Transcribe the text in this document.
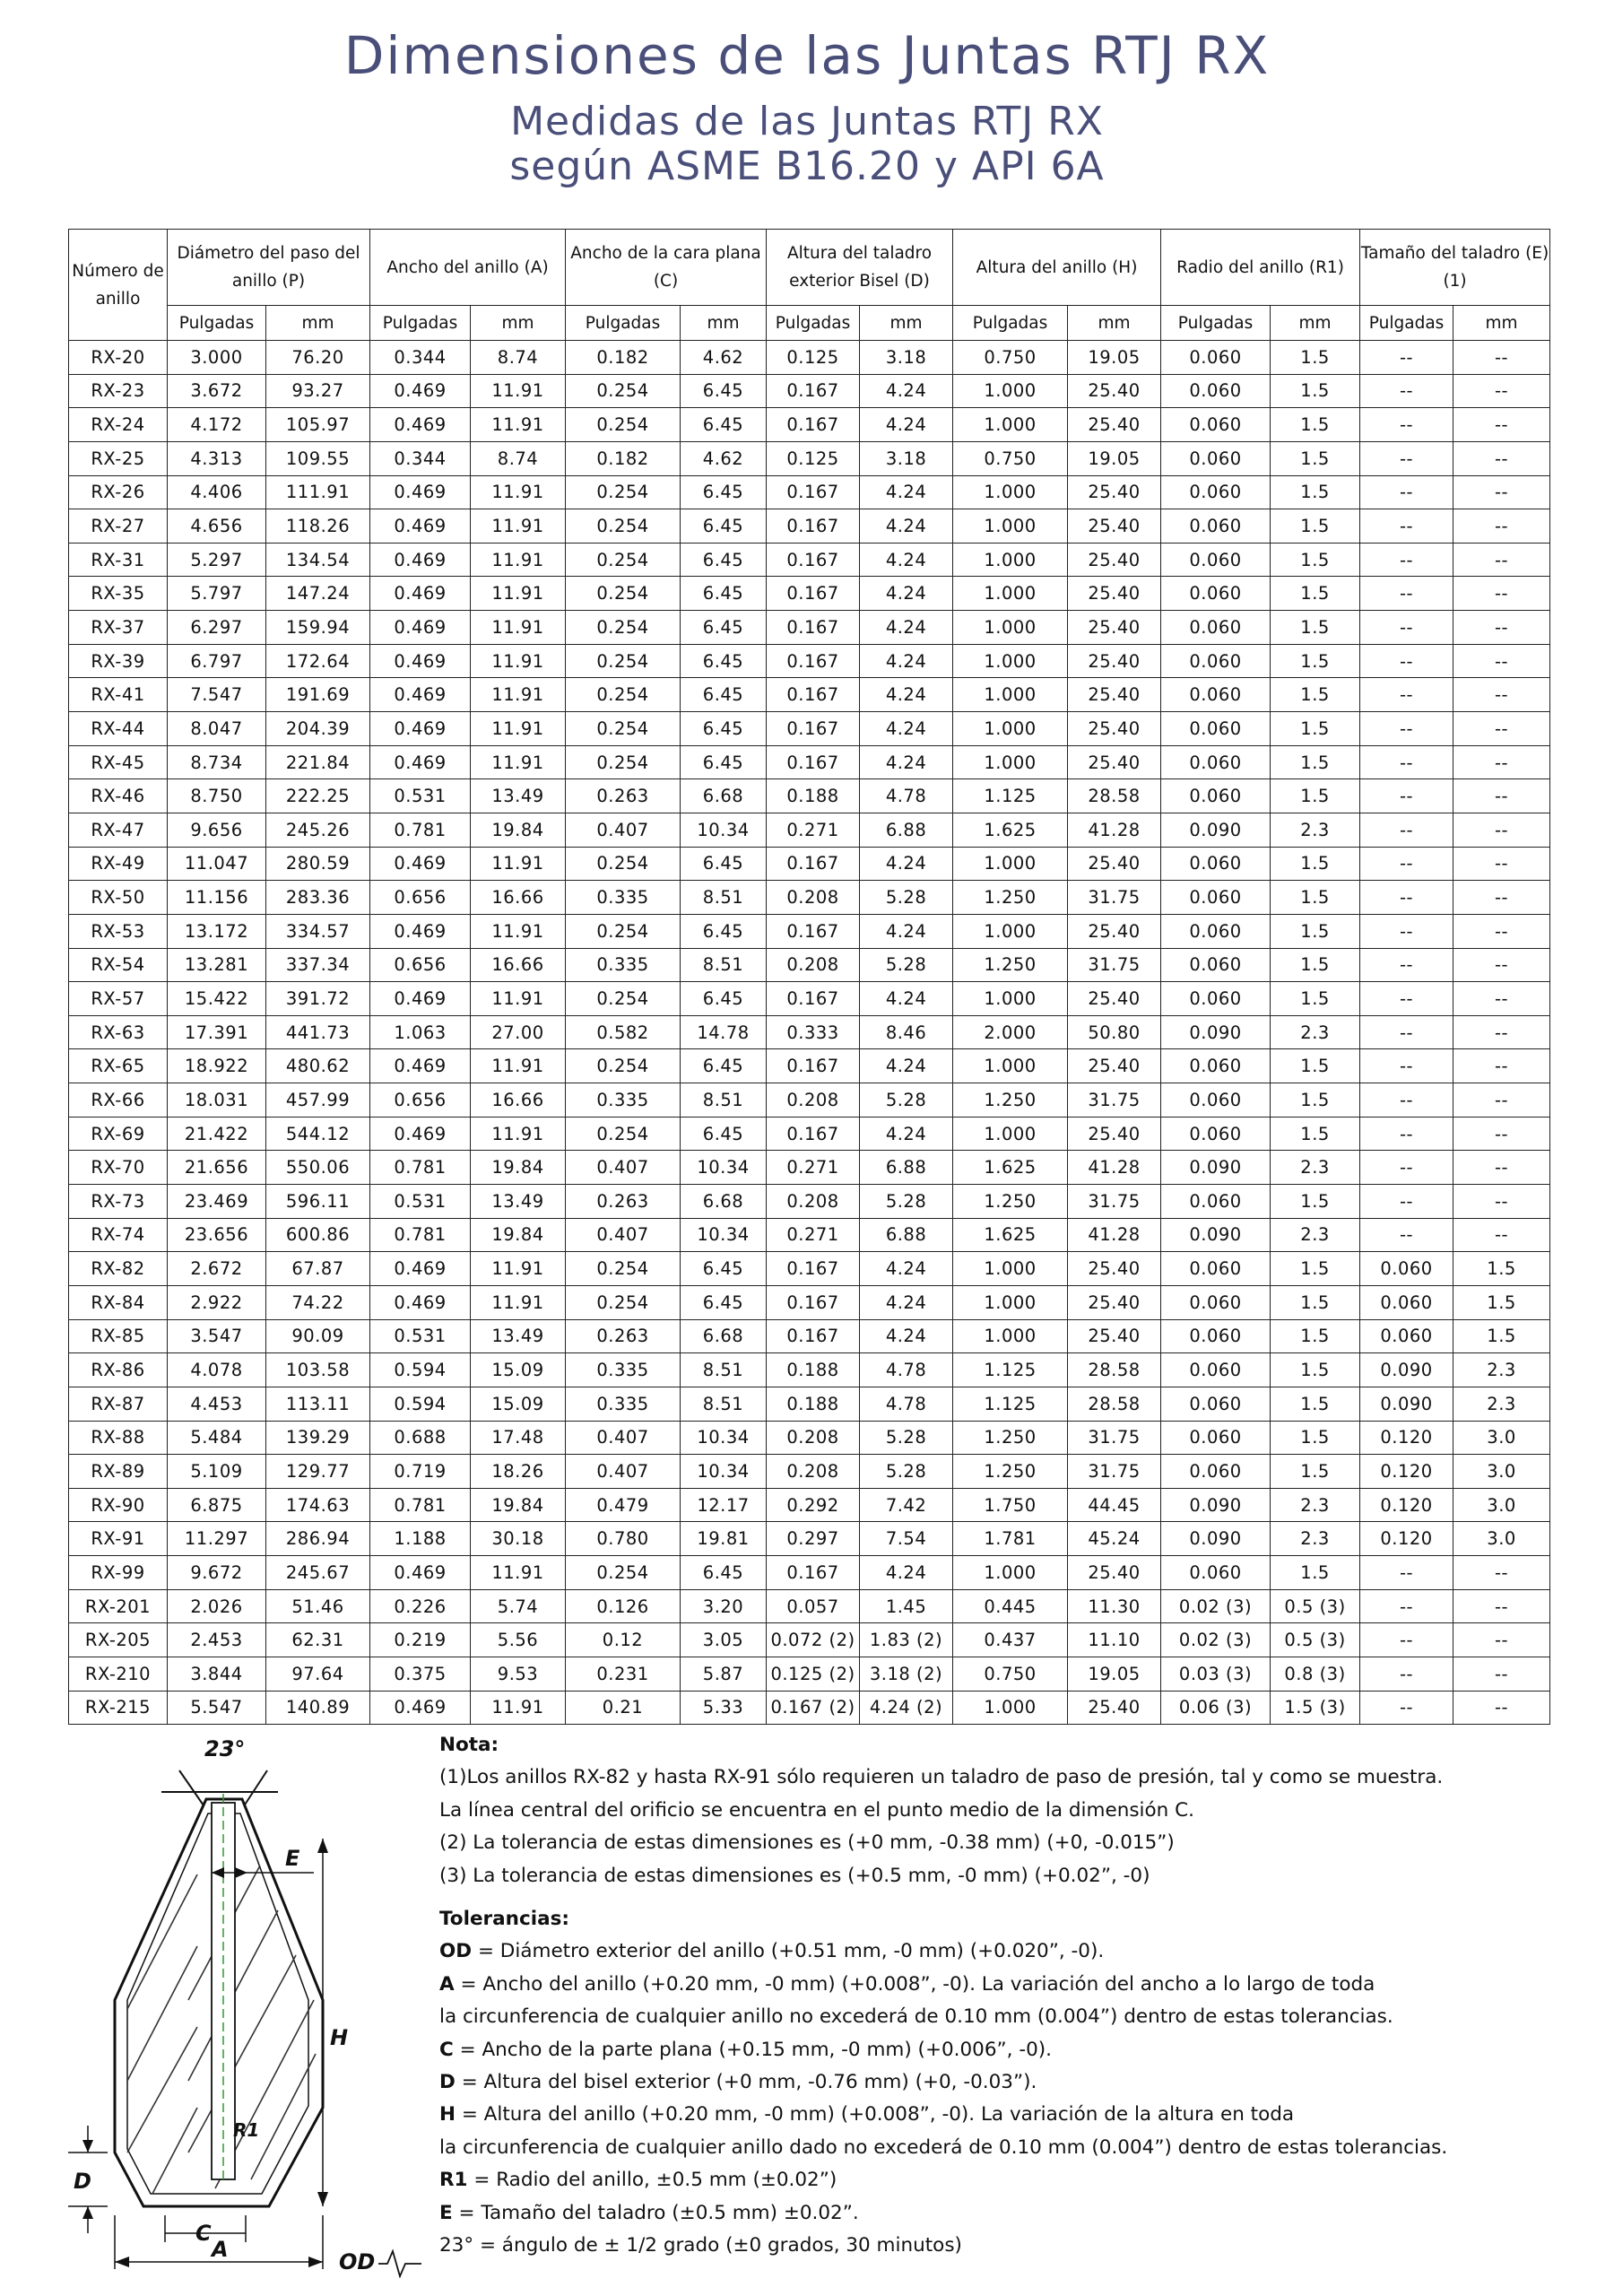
Dimensiones de las Juntas RTJ RX
Medidas de las Juntas RTJ RX
según ASME B16.20 y API 6A
Número de anillo	Diámetro del paso del anillo (P)		Ancho del anillo (A)		Ancho de la cara plana (C)		Altura del taladro exterior Bisel (D)		Altura del anillo (H)		Radio del anillo (R1)		Tamaño del taladro (E) (1)	
	Pulgadas	mm	Pulgadas	mm	Pulgadas	mm	Pulgadas	mm	Pulgadas	mm	Pulgadas	mm	Pulgadas	mm
RX-20	3.000	76.20	0.344	8.74	0.182	4.62	0.125	3.18	0.750	19.05	0.060	1.5	--	--
RX-23	3.672	93.27	0.469	11.91	0.254	6.45	0.167	4.24	1.000	25.40	0.060	1.5	--	--
RX-24	4.172	105.97	0.469	11.91	0.254	6.45	0.167	4.24	1.000	25.40	0.060	1.5	--	--
RX-25	4.313	109.55	0.344	8.74	0.182	4.62	0.125	3.18	0.750	19.05	0.060	1.5	--	--
RX-26	4.406	111.91	0.469	11.91	0.254	6.45	0.167	4.24	1.000	25.40	0.060	1.5	--	--
RX-27	4.656	118.26	0.469	11.91	0.254	6.45	0.167	4.24	1.000	25.40	0.060	1.5	--	--
RX-31	5.297	134.54	0.469	11.91	0.254	6.45	0.167	4.24	1.000	25.40	0.060	1.5	--	--
RX-35	5.797	147.24	0.469	11.91	0.254	6.45	0.167	4.24	1.000	25.40	0.060	1.5	--	--
RX-37	6.297	159.94	0.469	11.91	0.254	6.45	0.167	4.24	1.000	25.40	0.060	1.5	--	--
RX-39	6.797	172.64	0.469	11.91	0.254	6.45	0.167	4.24	1.000	25.40	0.060	1.5	--	--
RX-41	7.547	191.69	0.469	11.91	0.254	6.45	0.167	4.24	1.000	25.40	0.060	1.5	--	--
RX-44	8.047	204.39	0.469	11.91	0.254	6.45	0.167	4.24	1.000	25.40	0.060	1.5	--	--
RX-45	8.734	221.84	0.469	11.91	0.254	6.45	0.167	4.24	1.000	25.40	0.060	1.5	--	--
RX-46	8.750	222.25	0.531	13.49	0.263	6.68	0.188	4.78	1.125	28.58	0.060	1.5	--	--
RX-47	9.656	245.26	0.781	19.84	0.407	10.34	0.271	6.88	1.625	41.28	0.090	2.3	--	--
RX-49	11.047	280.59	0.469	11.91	0.254	6.45	0.167	4.24	1.000	25.40	0.060	1.5	--	--
RX-50	11.156	283.36	0.656	16.66	0.335	8.51	0.208	5.28	1.250	31.75	0.060	1.5	--	--
RX-53	13.172	334.57	0.469	11.91	0.254	6.45	0.167	4.24	1.000	25.40	0.060	1.5	--	--
RX-54	13.281	337.34	0.656	16.66	0.335	8.51	0.208	5.28	1.250	31.75	0.060	1.5	--	--
RX-57	15.422	391.72	0.469	11.91	0.254	6.45	0.167	4.24	1.000	25.40	0.060	1.5	--	--
RX-63	17.391	441.73	1.063	27.00	0.582	14.78	0.333	8.46	2.000	50.80	0.090	2.3	--	--
RX-65	18.922	480.62	0.469	11.91	0.254	6.45	0.167	4.24	1.000	25.40	0.060	1.5	--	--
RX-66	18.031	457.99	0.656	16.66	0.335	8.51	0.208	5.28	1.250	31.75	0.060	1.5	--	--
RX-69	21.422	544.12	0.469	11.91	0.254	6.45	0.167	4.24	1.000	25.40	0.060	1.5	--	--
RX-70	21.656	550.06	0.781	19.84	0.407	10.34	0.271	6.88	1.625	41.28	0.090	2.3	--	--
RX-73	23.469	596.11	0.531	13.49	0.263	6.68	0.208	5.28	1.250	31.75	0.060	1.5	--	--
RX-74	23.656	600.86	0.781	19.84	0.407	10.34	0.271	6.88	1.625	41.28	0.090	2.3	--	--
RX-82	2.672	67.87	0.469	11.91	0.254	6.45	0.167	4.24	1.000	25.40	0.060	1.5	0.060	1.5
RX-84	2.922	74.22	0.469	11.91	0.254	6.45	0.167	4.24	1.000	25.40	0.060	1.5	0.060	1.5
RX-85	3.547	90.09	0.531	13.49	0.263	6.68	0.167	4.24	1.000	25.40	0.060	1.5	0.060	1.5
RX-86	4.078	103.58	0.594	15.09	0.335	8.51	0.188	4.78	1.125	28.58	0.060	1.5	0.090	2.3
RX-87	4.453	113.11	0.594	15.09	0.335	8.51	0.188	4.78	1.125	28.58	0.060	1.5	0.090	2.3
RX-88	5.484	139.29	0.688	17.48	0.407	10.34	0.208	5.28	1.250	31.75	0.060	1.5	0.120	3.0
RX-89	5.109	129.77	0.719	18.26	0.407	10.34	0.208	5.28	1.250	31.75	0.060	1.5	0.120	3.0
RX-90	6.875	174.63	0.781	19.84	0.479	12.17	0.292	7.42	1.750	44.45	0.090	2.3	0.120	3.0
RX-91	11.297	286.94	1.188	30.18	0.780	19.81	0.297	7.54	1.781	45.24	0.090	2.3	0.120	3.0
RX-99	9.672	245.67	0.469	11.91	0.254	6.45	0.167	4.24	1.000	25.40	0.060	1.5	--	--
RX-201	2.026	51.46	0.226	5.74	0.126	3.20	0.057	1.45	0.445	11.30	0.02 (3)	0.5 (3)	--	--
RX-205	2.453	62.31	0.219	5.56	0.12	3.05	0.072 (2)	1.83 (2)	0.437	11.10	0.02 (3)	0.5 (3)	--	--
RX-210	3.844	97.64	0.375	9.53	0.231	5.87	0.125 (2)	3.18 (2)	0.750	19.05	0.03 (3)	0.8 (3)	--	--
RX-215	5.547	140.89	0.469	11.91	0.21	5.33	0.167 (2)	4.24 (2)	1.000	25.40	0.06 (3)	1.5 (3)	--	--
23°
E
H
R1
D
C
A	OD
Nota:
(1)Los anillos RX-82 y hasta RX-91 sólo requieren un taladro de paso de presión, tal y como se muestra.
La línea central del orificio se encuentra en el punto medio de la dimensión C.
(2) La tolerancia de estas dimensiones es (+0 mm, -0.38 mm) (+0, -0.015”)
(3) La tolerancia de estas dimensiones es (+0.5 mm, -0 mm) (+0.02”, -0)
Tolerancias:
OD = Diámetro exterior del anillo (+0.51 mm, -0 mm) (+0.020”, -0).
A = Ancho del anillo (+0.20 mm, -0 mm) (+0.008”, -0). La variación del ancho a lo largo de toda
la circunferencia de cualquier anillo no excederá de 0.10 mm (0.004”) dentro de estas tolerancias.
C = Ancho de la parte plana (+0.15 mm, -0 mm) (+0.006”, -0).
D = Altura del bisel exterior (+0 mm, -0.76 mm) (+0, -0.03”).
H = Altura del anillo (+0.20 mm, -0 mm) (+0.008”, -0). La variación de la altura en toda
la circunferencia de cualquier anillo dado no excederá de 0.10 mm (0.004”) dentro de estas tolerancias.
R1 = Radio del anillo, ±0.5 mm (±0.02”)
E = Tamaño del taladro (±0.5 mm) ±0.02”.
23° = ángulo de ± 1/2 grado (±0 grados, 30 minutos)
